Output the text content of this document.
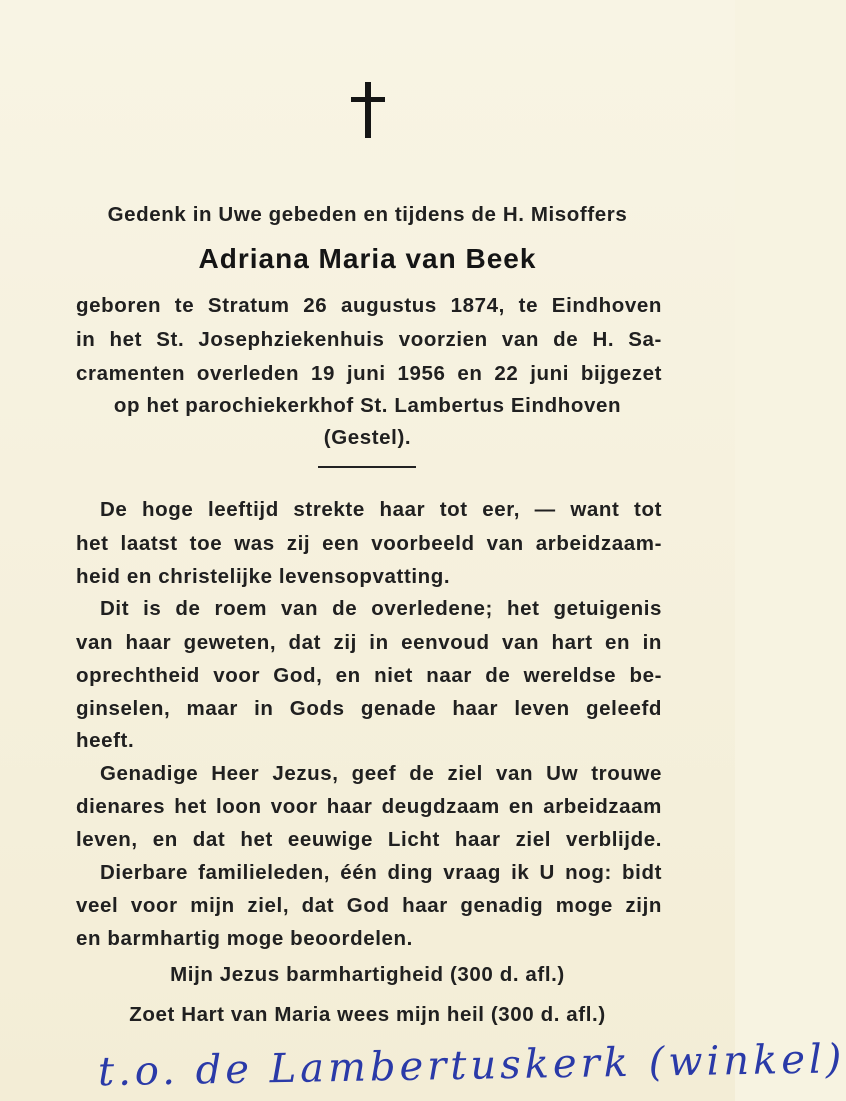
Gedenk in Uwe gebeden en tijdens de H. Misoffers
Adriana Maria van Beek
geboren te Stratum 26 augustus 1874, te Eindhoven
in het St. Josephziekenhuis voorzien van de H. Sa-
cramenten overleden 19 juni 1956 en 22 juni bijgezet
op het parochiekerkhof St. Lambertus Eindhoven
(Gestel).
De hoge leeftijd strekte haar tot eer, — want tot
het laatst toe was zij een voorbeeld van arbeidzaam-
heid en christelijke levensopvatting.
Dit is de roem van de overledene; het getuigenis
van haar geweten, dat zij in eenvoud van hart en in
oprechtheid voor God, en niet naar de wereldse be-
ginselen, maar in Gods genade haar leven geleefd
heeft.
Genadige Heer Jezus, geef de ziel van Uw trouwe
dienares het loon voor haar deugdzaam en arbeidzaam
leven, en dat het eeuwige Licht haar ziel verblijde.
Dierbare familieleden, één ding vraag ik U nog: bidt
veel voor mijn ziel, dat God haar genadig moge zijn
en barmhartig moge beoordelen.
Mijn Jezus barmhartigheid (300 d. afl.)
Zoet Hart van Maria wees mijn heil (300 d. afl.)
t.o. de Lambertuskerk (winkel)
